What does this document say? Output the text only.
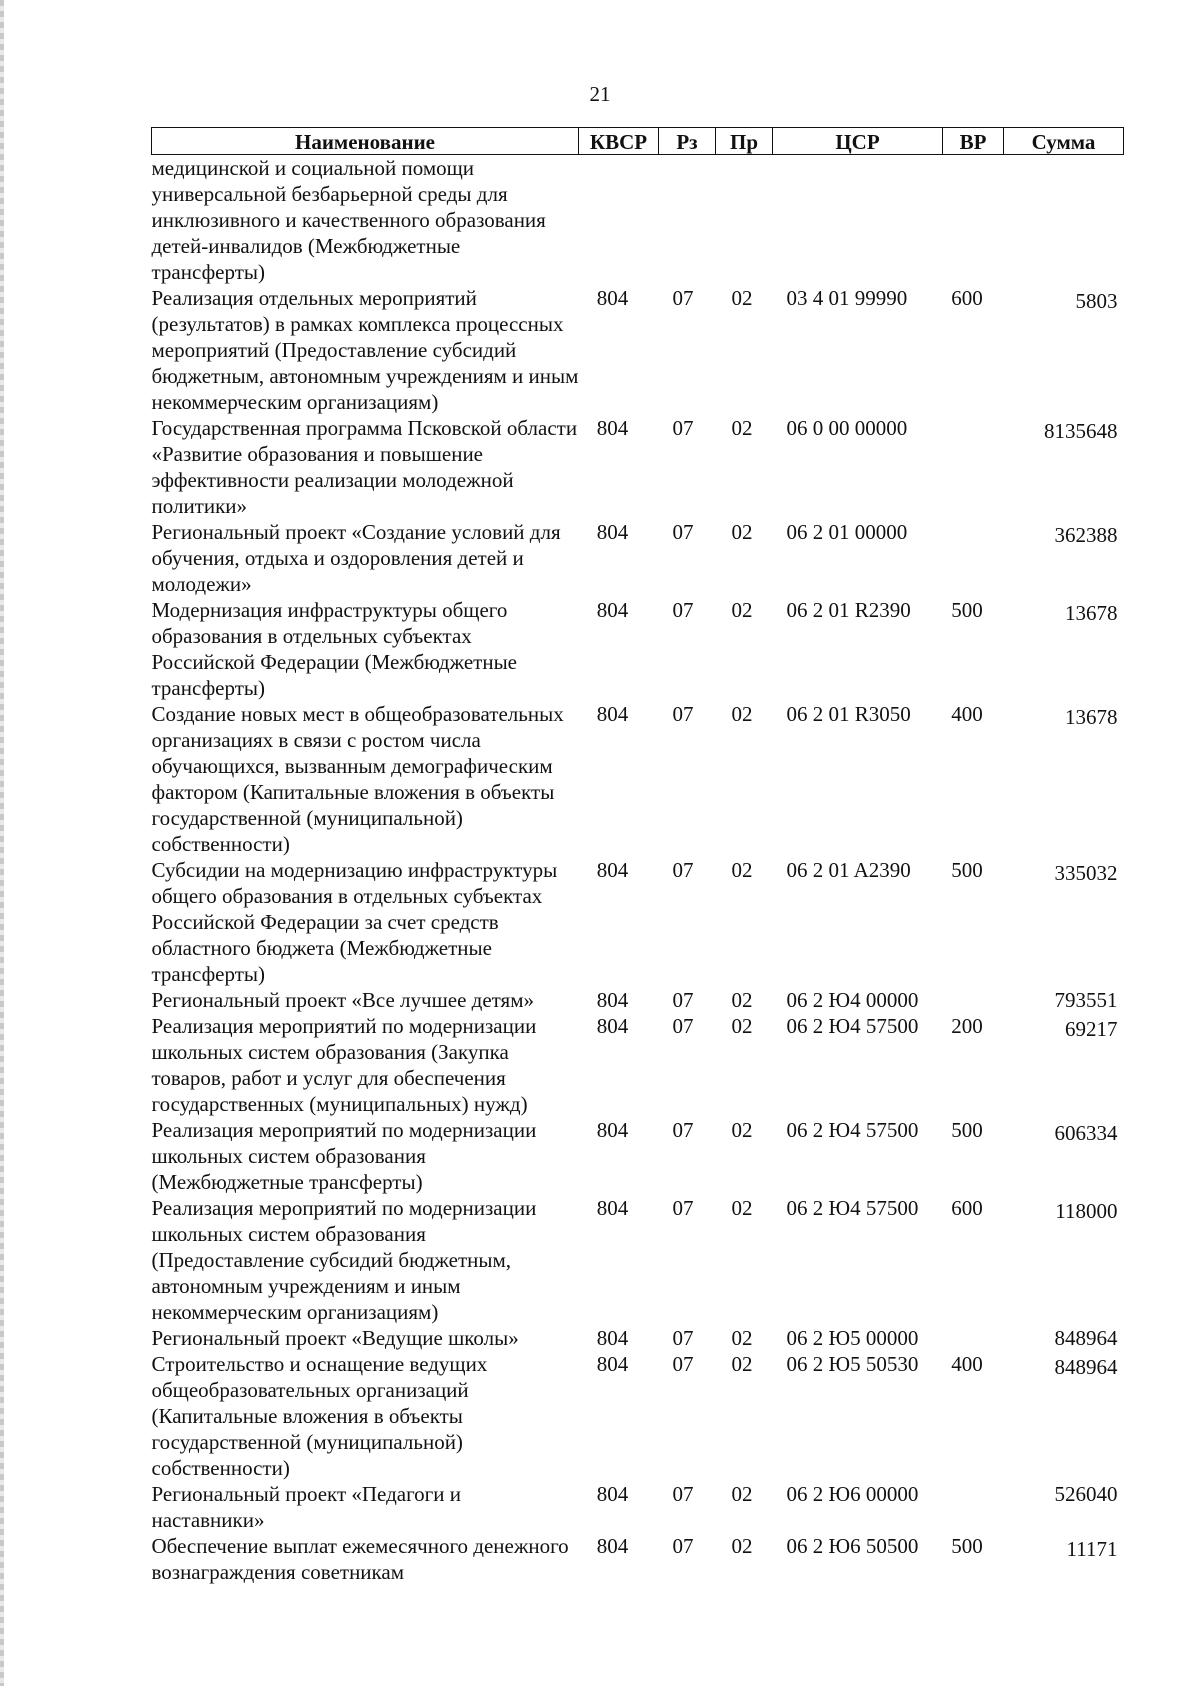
21
Наименование	КВСР	Рз	Пр	ЦСР	ВР	Сумма
медицинской и социальной помощи универсальной безбарьерной среды для инклюзивного и качественного образования детей-инвалидов (Межбюджетные трансферты)						
Реализация отдельных мероприятий (результатов) в рамках комплекса процессных мероприятий (Предоставление субсидий бюджетным, автономным учреждениям и иным некоммерческим организациям)	804	07	02	03 4 01 99990	600	5803
Государственная программа Псковской области «Развитие образования и повышение эффективности реализации молодежной политики»	804	07	02	06 0 00 00000		8135648
Региональный проект «Создание условий для обучения, отдыха и оздоровления детей и молодежи»	804	07	02	06 2 01 00000		362388
Модернизация инфраструктуры общего образования в отдельных субъектах Российской Федерации (Межбюджетные трансферты)	804	07	02	06 2 01 R2390	500	13678
Создание новых мест в общеобразовательных организациях в связи с ростом числа обучающихся, вызванным демографическим фактором (Капитальные вложения в объекты государственной (муниципальной) собственности)	804	07	02	06 2 01 R3050	400	13678
Субсидии на модернизацию инфраструктуры общего образования в отдельных субъектах Российской Федерации за счет средств областного бюджета (Межбюджетные трансферты)	804	07	02	06 2 01 A2390	500	335032
Региональный проект «Все лучшее детям»	804	07	02	06 2 Ю4 00000		793551
Реализация мероприятий по модернизации школьных систем образования (Закупка товаров, работ и услуг для обеспечения государственных (муниципальных) нужд)	804	07	02	06 2 Ю4 57500	200	69217
Реализация мероприятий по модернизации школьных систем образования (Межбюджетные трансферты)	804	07	02	06 2 Ю4 57500	500	606334
Реализация мероприятий по модернизации школьных систем образования (Предоставление субсидий бюджетным, автономным учреждениям и иным некоммерческим организациям)	804	07	02	06 2 Ю4 57500	600	118000
Региональный проект «Ведущие школы»	804	07	02	06 2 Ю5 00000		848964
Строительство и оснащение ведущих общеобразовательных организаций (Капитальные вложения в объекты государственной (муниципальной) собственности)	804	07	02	06 2 Ю5 50530	400	848964
Региональный проект «Педагоги и наставники»	804	07	02	06 2 Ю6 00000		526040
Обеспечение выплат ежемесячного денежного вознаграждения советникам	804	07	02	06 2 Ю6 50500	500	11171
